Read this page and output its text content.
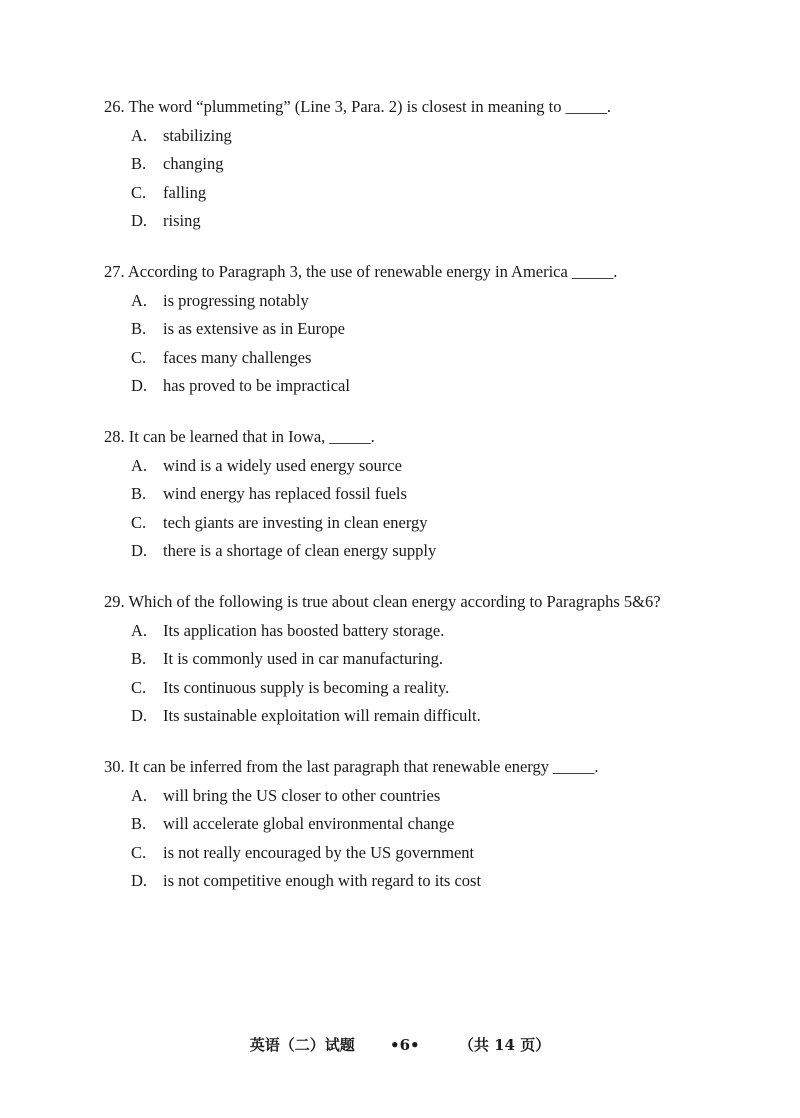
26. The word “plummeting” (Line 3, Para. 2) is closest in meaning to _____.

A. stabilizing
B.	changing
C.	falling
D. rising

27. According to Paragraph 3, the use of renewable energy in America _____.

A. is progressing notably
B.	is as extensive as in Europe
C.	faces many challenges
D. has proved to be impractical

28. It can be learned that in Iowa, _____.

A. wind is a widely used energy source
B.	wind energy has replaced fossil fuels
C.	tech giants are investing in clean energy
D. there is a shortage of clean energy supply

29. Which of the following is true about clean energy according to Paragraphs 5&6?

A. Its application has boosted battery storage.
B.	It is commonly used in car manufacturing.
C.	Its continuous supply is becoming a reality.
D. Its sustainable exploitation will remain difficult.

30. It can be inferred from the last paragraph that renewable energy _____.

A. will bring the US closer to other countries
B.	will accelerate global environmental change
C.	is not really encouraged by the US government
D. is not competitive enough with regard to its cost
英语（二）试题 •6•	（共 14 页）
